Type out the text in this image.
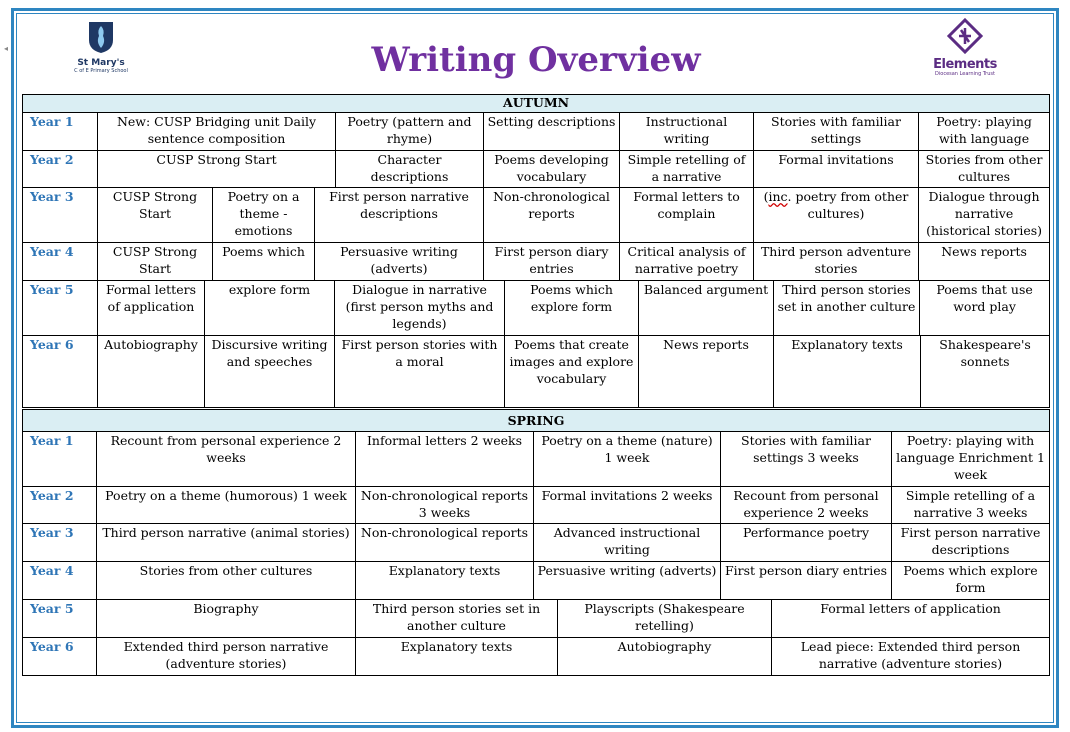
◂
St Mary's
C of E Primary School	Writing Overview	Elements
Diocesan Learning Trust
AUTUMN													
Year 1	New: CUSP Bridging unit Daily sentence composition				Poetry (pattern and rhyme)	Setting descriptions		Instructional writing		Stories with familiar settings		Poetry: playing with language	
Year 2	CUSP Strong Start				Character descriptions	Poems developing vocabulary		Simple retelling of a narrative		Formal invitations		Stories from other cultures	
Year 3	CUSP Strong Start		Poetry on a theme - emotions	First person narrative descriptions		Non-chronological reports		Formal letters to complain		(inc. poetry from other cultures)		Dialogue through narrative (historical stories)	
Year 4	CUSP Strong Start		Poems which	Persuasive writing (adverts)		First person diary entries		Critical analysis of narrative poetry		Third person adventure stories		News reports	
Year 5	Formal letters of application	explore form			Dialogue in narrative (first person myths and legends)		Poems which explore form		Balanced argument		Third person stories set in another culture		Poems that use word play
Year 6	Autobiography	Discursive writing and speeches			First person stories with a moral		Poems that create images and explore vocabulary		News reports		Explanatory texts		Shakespeare's sonnets
SPRING							
Year 1	Recount from personal experience 2 weeks	Informal letters 2 weeks	Poetry on a theme (nature) 1 week		Stories with familiar settings 3 weeks		Poetry: playing with language Enrichment 1 week
Year 2	Poetry on a theme (humorous) 1 week	Non-chronological reports 3 weeks	Formal invitations 2 weeks		Recount from personal experience 2 weeks		Simple retelling of a narrative 3 weeks
Year 3	Third person narrative (animal stories)	Non-chronological reports	Advanced instructional writing		Performance poetry		First person narrative descriptions
Year 4	Stories from other cultures	Explanatory texts	Persuasive writing (adverts)		First person diary entries		Poems which explore form
Year 5	Biography	Third person stories set in another culture		Playscripts (Shakespeare retelling)		Formal letters of application	
Year 6	Extended third person narrative (adventure stories)	Explanatory texts		Autobiography		Lead piece: Extended third person narrative (adventure stories)	
